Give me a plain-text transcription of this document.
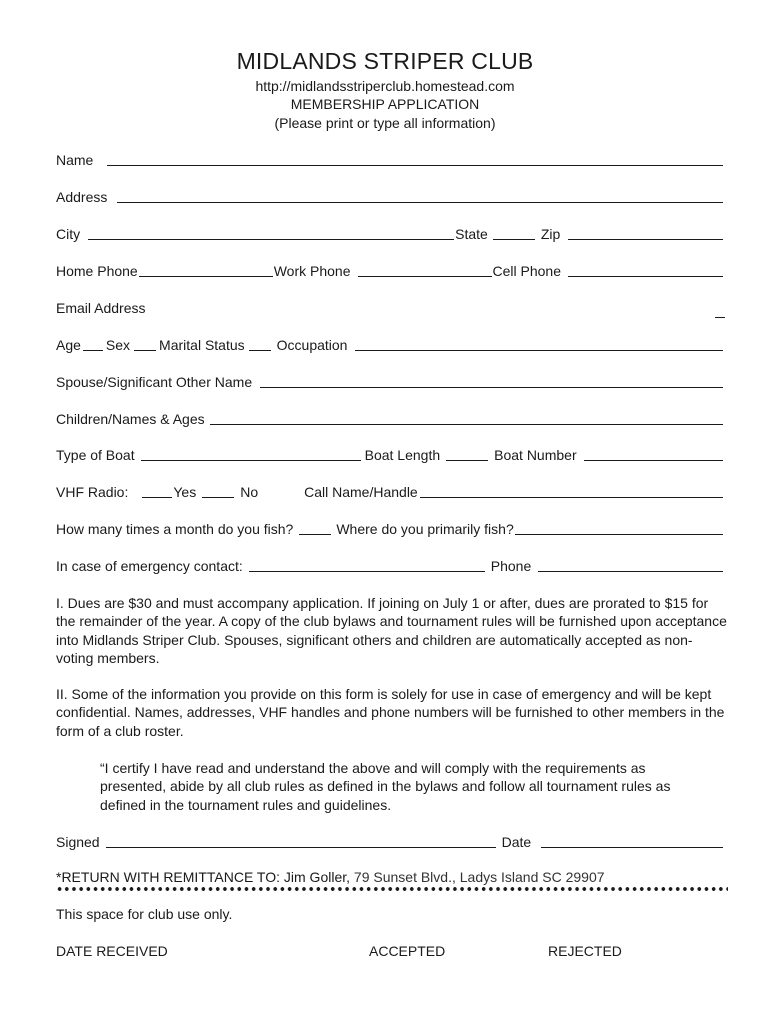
MIDLANDS STRIPER CLUB
http://midlandsstriperclub.homestead.com
MEMBERSHIP APPLICATION
(Please print or type all information)
Name
Address
City	State	Zip
Home Phone	Work Phone	Cell Phone
Email Address
Age Sex Marital Status Occupation
Spouse/Significant Other Name
Children/Names & Ages
Type of Boat	Boat Length	Boat Number
VHF Radio:	Yes	No	Call Name/Handle
How many times a month do you fish?	Where do you primarily fish?
In case of emergency contact:	Phone

I. Dues are $30 and must accompany application. If joining on July 1 or after, dues are prorated to $15 for the remainder of the year. A copy of the club bylaws and tournament rules will be furnished upon acceptance into Midlands Striper Club. Spouses, significant others and children are automatically accepted as non-voting members.

II. Some of the information you provide on this form is solely for use in case of emergency and will be kept confidential. Names, addresses, VHF handles and phone numbers will be furnished to other members in the form of a club roster.

“I certify I have read and understand the above and will comply with the requirements as presented, abide by all club rules as defined in the bylaws and follow all tournament rules as defined in the tournament rules and guidelines.

Signed	Date
*RETURN WITH REMITTANCE TO: Jim Goller, 79 Sunset Blvd., Ladys Island SC 29907
This space for club use only.
DATE RECEIVED	ACCEPTED	REJECTED
